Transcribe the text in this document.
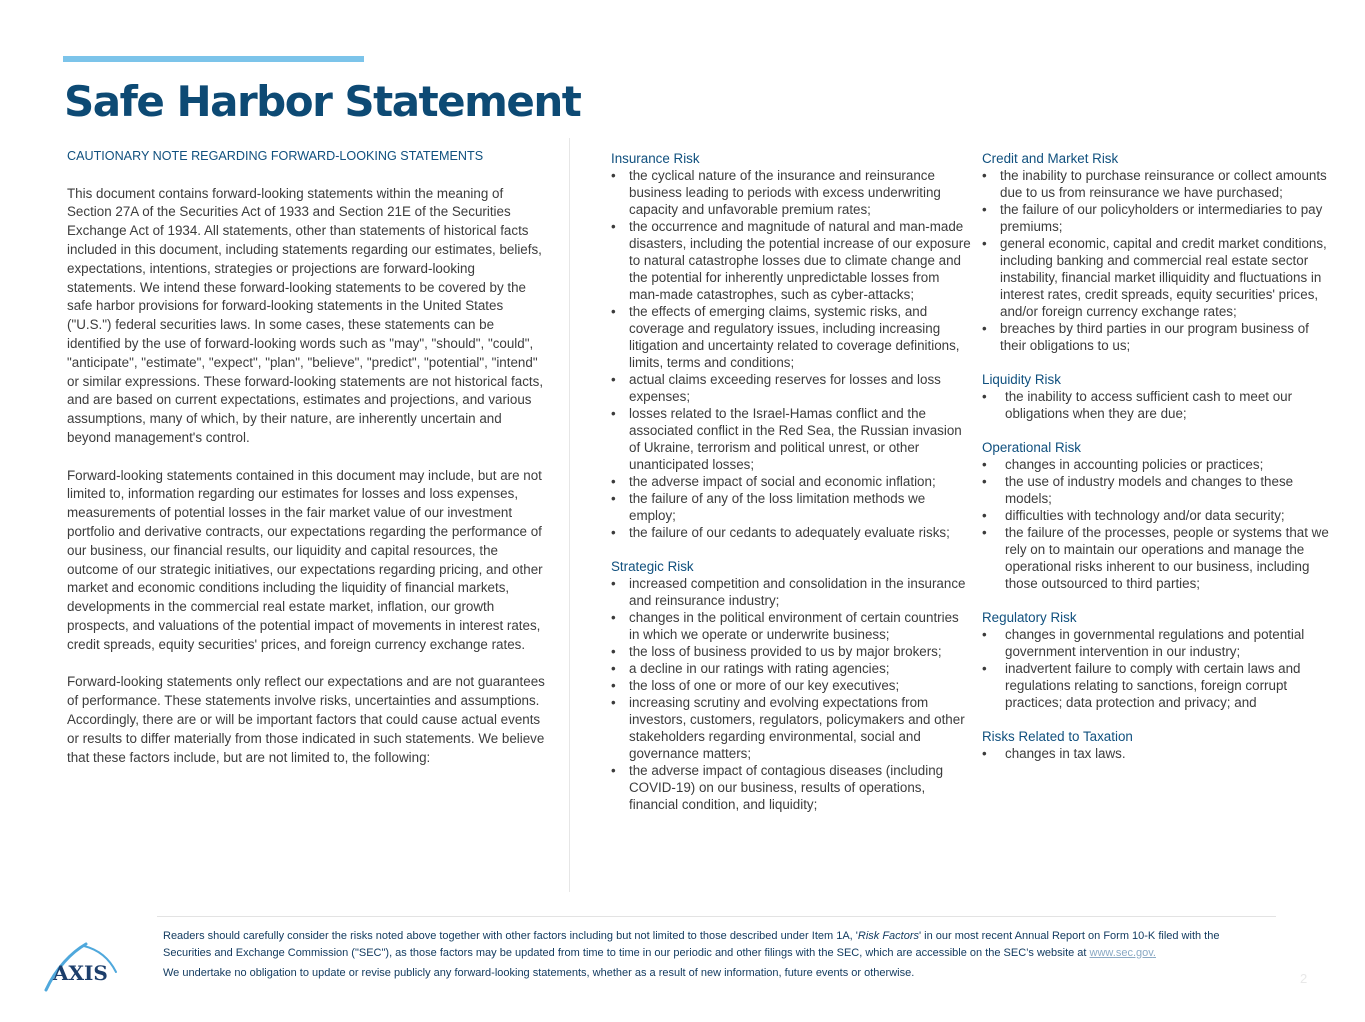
Safe Harbor Statement
CAUTIONARY NOTE REGARDING FORWARD-LOOKING STATEMENTS

This document contains forward-looking statements within the meaning of Section 27A of the Securities Act of 1933 and Section 21E of the Securities Exchange Act of 1934. All statements, other than statements of historical facts included in this document, including statements regarding our estimates, beliefs, expectations, intentions, strategies or projections are forward-looking statements. We intend these forward-looking statements to be covered by the safe harbor provisions for forward-looking statements in the United States ("U.S.") federal securities laws. In some cases, these statements can be identified by the use of forward-looking words such as "may", "should", "could", "anticipate", "estimate", "expect", "plan", "believe", "predict", "potential", "intend" or similar expressions. These forward-looking statements are not historical facts, and are based on current expectations, estimates and projections, and various assumptions, many of which, by their nature, are inherently uncertain and beyond management's control.

Forward-looking statements contained in this document may include, but are not limited to, information regarding our estimates for losses and loss expenses, measurements of potential losses in the fair market value of our investment portfolio and derivative contracts, our expectations regarding the performance of our business, our financial results, our liquidity and capital resources, the outcome of our strategic initiatives, our expectations regarding pricing, and other market and economic conditions including the liquidity of financial markets, developments in the commercial real estate market, inflation, our growth prospects, and valuations of the potential impact of movements in interest rates, credit spreads, equity securities' prices, and foreign currency exchange rates.

Forward-looking statements only reflect our expectations and are not guarantees of performance. These statements involve risks, uncertainties and assumptions. Accordingly, there are or will be important factors that could cause actual events or results to differ materially from those indicated in such statements. We believe that these factors include, but are not limited to, the following:

Insurance Risk
• the cyclical nature of the insurance and reinsurance business leading to periods with excess underwriting capacity and unfavorable premium rates;
• the occurrence and magnitude of natural and man-made disasters, including the potential increase of our exposure to natural catastrophe losses due to climate change and the potential for inherently unpredictable losses from man-made catastrophes, such as cyber-attacks;
• the effects of emerging claims, systemic risks, and coverage and regulatory issues, including increasing litigation and uncertainty related to coverage definitions, limits, terms and conditions;
• actual claims exceeding reserves for losses and loss expenses;
• losses related to the Israel-Hamas conflict and the associated conflict in the Red Sea, the Russian invasion of Ukraine, terrorism and political unrest, or other unanticipated losses;
• the adverse impact of social and economic inflation;
• the failure of any of the loss limitation methods we employ;
• the failure of our cedants to adequately evaluate risks;
Strategic Risk
• increased competition and consolidation in the insurance and reinsurance industry;
• changes in the political environment of certain countries in which we operate or underwrite business;
• the loss of business provided to us by major brokers;
• a decline in our ratings with rating agencies;
• the loss of one or more of our key executives;
• increasing scrutiny and evolving expectations from investors, customers, regulators, policymakers and other stakeholders regarding environmental, social and governance matters;
• the adverse impact of contagious diseases (including COVID-19) on our business, results of operations, financial condition, and liquidity;
Credit and Market Risk
• the inability to purchase reinsurance or collect amounts due to us from reinsurance we have purchased;
• the failure of our policyholders or intermediaries to pay premiums;
• general economic, capital and credit market conditions, including banking and commercial real estate sector instability, financial market illiquidity and fluctuations in interest rates, credit spreads, equity securities' prices, and/or foreign currency exchange rates;
• breaches by third parties in our program business of their obligations to us;
Liquidity Risk
• the inability to access sufficient cash to meet our obligations when they are due;
Operational Risk
• changes in accounting policies or practices;
• the use of industry models and changes to these models;
• difficulties with technology and/or data security;
• the failure of the processes, people or systems that we rely on to maintain our operations and manage the operational risks inherent to our business, including those outsourced to third parties;
Regulatory Risk
• changes in governmental regulations and potential government intervention in our industry;
• inadvertent failure to comply with certain laws and regulations relating to sanctions, foreign corrupt practices; data protection and privacy; and
Risks Related to Taxation
• changes in tax laws.
AXIS

Readers should carefully consider the risks noted above together with other factors including but not limited to those described under Item 1A, 'Risk Factors' in our most recent Annual Report on Form 10-K filed with the Securities and Exchange Commission ("SEC"), as those factors may be updated from time to time in our periodic and other filings with the SEC, which are accessible on the SEC’s website at www.sec.gov.

We undertake no obligation to update or revise publicly any forward-looking statements, whether as a result of new information, future events or otherwise.	2
